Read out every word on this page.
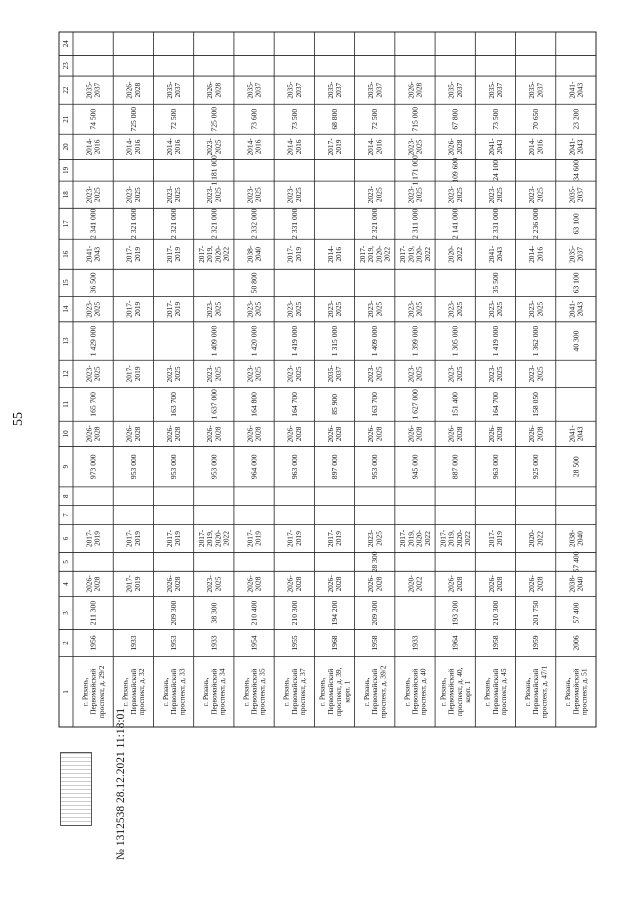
55
1
2
3
4
5
6
7
8
9
10
11
12
13
14
15
16
17
18
19
20
21
22
23
24
г. Рязань, Первомайский проспект, д. 29/2
1956
211 300
2026- 2028
2017- 2019
973 000
2026- 2028
165 700
2023- 2025
1 429 000
2023- 2025
36 500
2041- 2043
2 341 000
2023- 2025
2014- 2016
74 500
2035- 2037
г. Рязань, Первомайский проспект, д. 32
1933
2017- 2019
2017- 2019
953 000
2026- 2028
2017- 2019
2017- 2019
2017- 2019
2 321 000
2023- 2025
2014- 2016
725 000
2026- 2028
г. Рязань, Первомайский проспект, д. 33
1953
209 300
2026- 2028
2017- 2019
953 000
2026- 2028
163 700
2023- 2025
2017- 2019
2017- 2019
2 321 000
2023- 2025
2014- 2016
72 500
2035- 2037
г. Рязань, Первомайский проспект, д. 34
1933
38 300
2023- 2025
2017- 2019, 2020- 2022
953 000
2026- 2028
1 637 000
2023- 2025
1 409 000
2023- 2025
2017- 2019, 2020- 2022
2 321 000
2023- 2025
1 181 000
2023- 2025
725 000
2026- 2028
г. Рязань, Первомайский проспект, д. 35
1954
210 400
2026- 2028
2017- 2019
964 000
2026- 2028
164 800
2023- 2025
1 420 000
2023- 2025
50 800
2038- 2040
2 332 000
2023- 2025
2014- 2016
73 600
2035- 2037
г. Рязань, Первомайский проспект, д. 37
1955
210 300
2026- 2028
2017- 2019
963 000
2026- 2028
164 700
2023- 2025
1 419 000
2023- 2025
2017- 2019
2 331 000
2023- 2025
2014- 2016
73 500
2035- 2037
г. Рязань, Первомайский проспект, д. 39, корп. 1
1968
194 200
2026- 2028
2017- 2019
897 000
2026- 2028
85 900
2035- 2037
1 315 000
2023- 2025
2014- 2016
2017- 2019
68 800
2035- 2037
г. Рязань, Первомайский проспект, д. 39/2
1958
209 300
2026- 2028
28 300
2023- 2025
953 000
2026- 2028
163 700
2023- 2025
1 409 000
2023- 2025
2017- 2019, 2020- 2022
2 321 000
2023- 2025
2014- 2016
72 500
2035- 2037
г. Рязань, Первомайский проспект, д. 40
1933
2020- 2022
2017- 2019, 2020- 2022
945 000
2026- 2028
1 627 000
2023- 2025
1 399 000
2023- 2025
2017- 2019, 2020- 2022
2 311 000
2023- 2025
1 171 000
2023- 2025
715 000
2026- 2028
г. Рязань, Первомайский проспект, д. 40, корп. 1
1964
193 200
2026- 2028
2017- 2019, 2020- 2022
887 000
2026- 2028
151 400
2023- 2025
1 305 000
2023- 2025
2020- 2022
2 141 000
2023- 2025
109 600
2026- 2028
67 800
2035- 2037
г. Рязань, Первомайский проспект, д. 45
1958
210 300
2026- 2028
2017- 2019
963 000
2026- 2028
164 700
2023- 2025
1 419 000
2023- 2025
35 500
2041- 2043
2 331 000
2023- 2025
24 100
2041- 2043
73 500
2035- 2037
г. Рязань, Первомайский проспект, д. 47/1
1959
201 750
2026- 2028
2020- 2022
925 000
2026- 2028
158 050
2023- 2025
1 362 000
2023- 2025
2014- 2016
2 236 000
2023- 2025
2014- 2016
70 650
2035- 2037
г. Рязань, Первомайский проспект, д. 51
2006
57 400
2038- 2040
57 400
2038- 2040
28 500
2041- 2043
40 300
2041- 2043
63 100
2035- 2037
63 100
2035- 2037
34 600
2041- 2043
23 200
2041- 2043
№ 1312538 28.12.2021 11:18:01
